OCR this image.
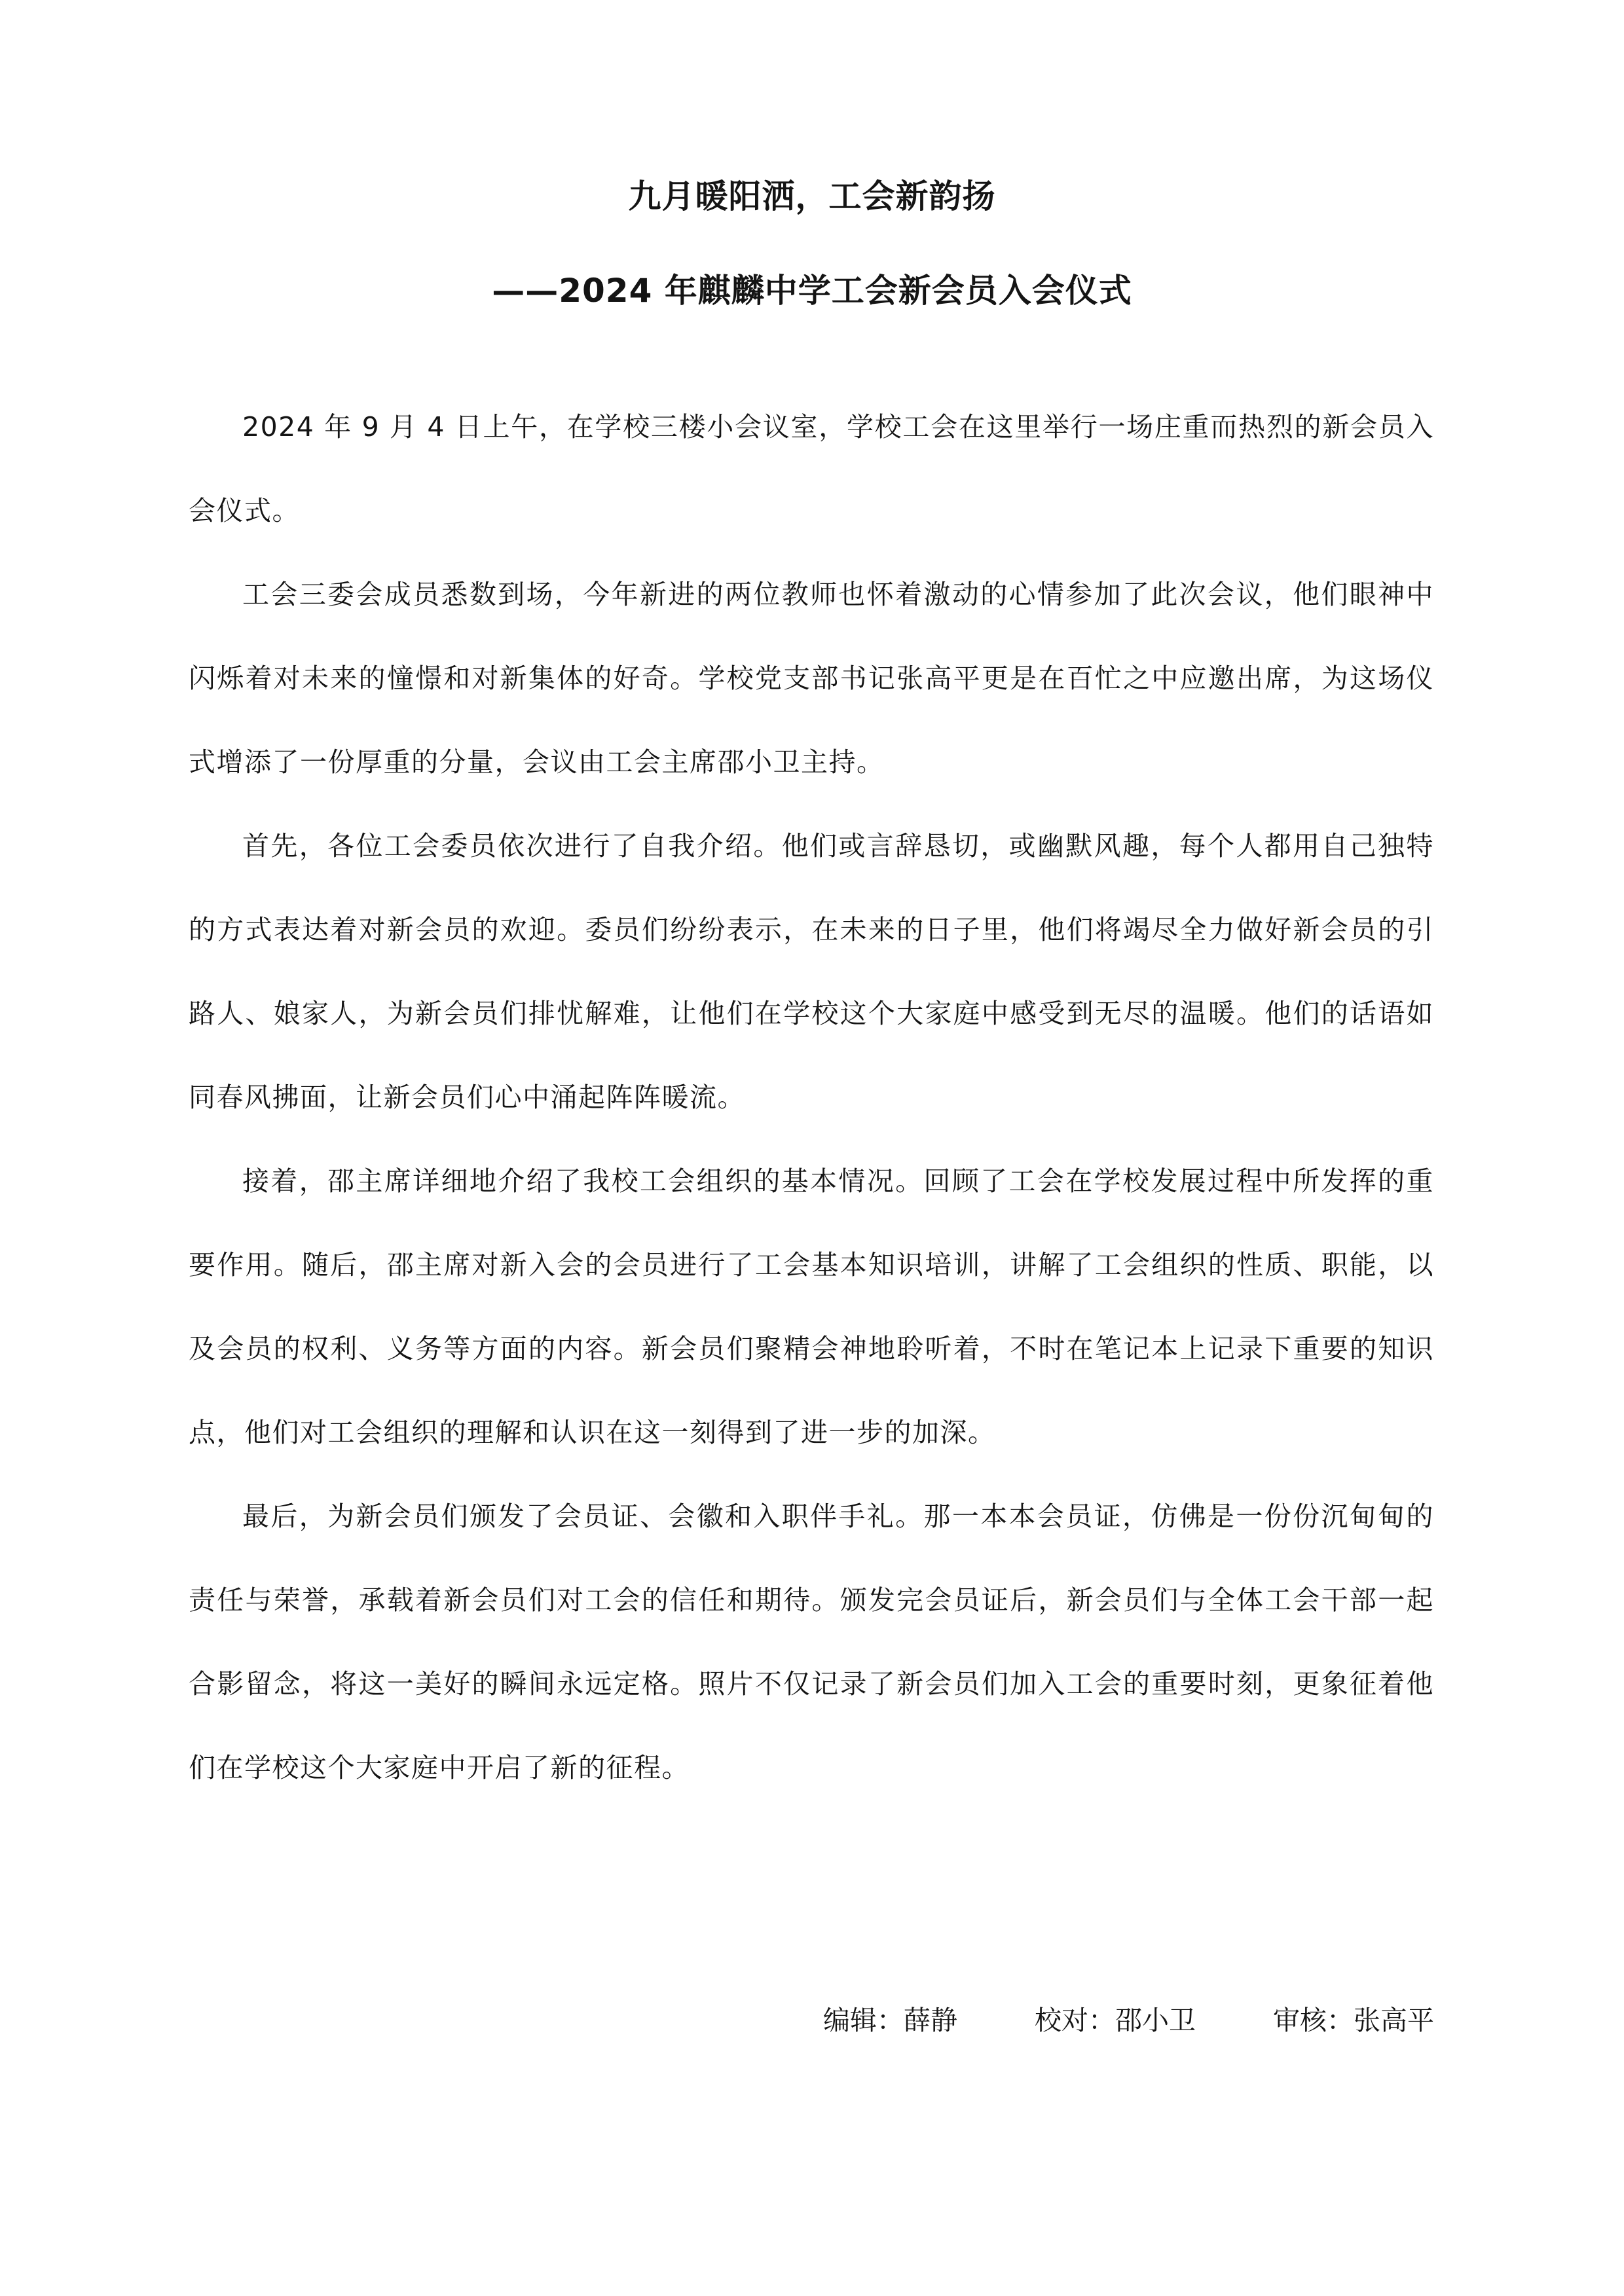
九月暖阳洒，工会新韵扬
——2024 年麒麟中学工会新会员入会仪式

2024 年 9 月 4 日上午，在学校三楼小会议室，学校工会在这里举行一场庄重而热烈的新会员入会仪式。

工会三委会成员悉数到场，今年新进的两位教师也怀着激动的心情参加了此次会议，他们眼神中闪烁着对未来的憧憬和对新集体的好奇。学校党支部书记张高平更是在百忙之中应邀出席，为这场仪式增添了一份厚重的分量，会议由工会主席邵小卫主持。

首先，各位工会委员依次进行了自我介绍。他们或言辞恳切，或幽默风趣，每个人都用自己独特的方式表达着对新会员的欢迎。委员们纷纷表示，在未来的日子里，他们将竭尽全力做好新会员的引路人、娘家人，为新会员们排忧解难，让他们在学校这个大家庭中感受到无尽的温暖。他们的话语如同春风拂面，让新会员们心中涌起阵阵暖流。

接着，邵主席详细地介绍了我校工会组织的基本情况。回顾了工会在学校发展过程中所发挥的重要作用。随后，邵主席对新入会的会员进行了工会基本知识培训，讲解了工会组织的性质、职能，以及会员的权利、义务等方面的内容。新会员们聚精会神地聆听着，不时在笔记本上记录下重要的知识点，他们对工会组织的理解和认识在这一刻得到了进一步的加深。

最后，为新会员们颁发了会员证、会徽和入职伴手礼。那一本本会员证，仿佛是一份份沉甸甸的责任与荣誉，承载着新会员们对工会的信任和期待。颁发完会员证后，新会员们与全体工会干部一起合影留念，将这一美好的瞬间永远定格。照片不仅记录了新会员们加入工会的重要时刻，更象征着他们在学校这个大家庭中开启了新的征程。

编辑：薛静	校对：邵小卫	审核：张高平
